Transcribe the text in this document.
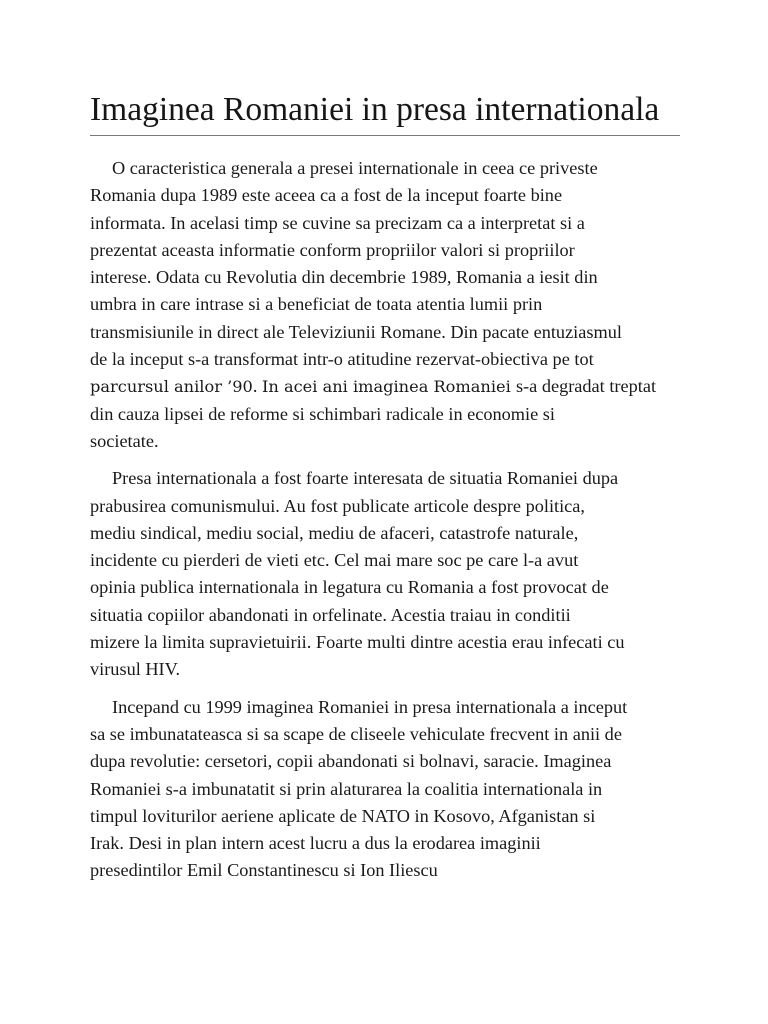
Imaginea Romaniei in presa internationala

O caracteristica generala a presei internationale in ceea ce priveste
Romania dupa 1989 este aceea ca a fost de la inceput foarte bine
informata. In acelasi timp se cuvine sa precizam ca a interpretat si a
prezentat aceasta informatie conform propriilor valori si propriilor
interese. Odata cu Revolutia din decembrie 1989, Romania a iesit din
umbra in care intrase si a beneficiat de toata atentia lumii prin
transmisiunile in direct ale Televiziunii Romane. Din pacate entuziasmul
de la inceput s-a transformat intr-o atitudine rezervat-obiectiva pe tot
parcursul anilor ’90. In acei ani imaginea Romaniei s-a degradat treptat
din cauza lipsei de reforme si schimbari radicale in economie si
societate.

Presa internationala a fost foarte interesata de situatia Romaniei dupa
prabusirea comunismului. Au fost publicate articole despre politica,
mediu sindical, mediu social, mediu de afaceri, catastrofe naturale,
incidente cu pierderi de vieti etc. Cel mai mare soc pe care l-a avut
opinia publica internationala in legatura cu Romania a fost provocat de
situatia copiilor abandonati in orfelinate. Acestia traiau in conditii
mizere la limita supravietuirii. Foarte multi dintre acestia erau infecati cu
virusul HIV.

Incepand cu 1999 imaginea Romaniei in presa internationala a inceput
sa se imbunatateasca si sa scape de cliseele vehiculate frecvent in anii de
dupa revolutie: cersetori, copii abandonati si bolnavi, saracie. Imaginea
Romaniei s-a imbunatatit si prin alaturarea la coalitia internationala in
timpul loviturilor aeriene aplicate de NATO in Kosovo, Afganistan si
Irak. Desi in plan intern acest lucru a dus la erodarea imaginii
presedintilor Emil Constantinescu si Ion Iliescu
